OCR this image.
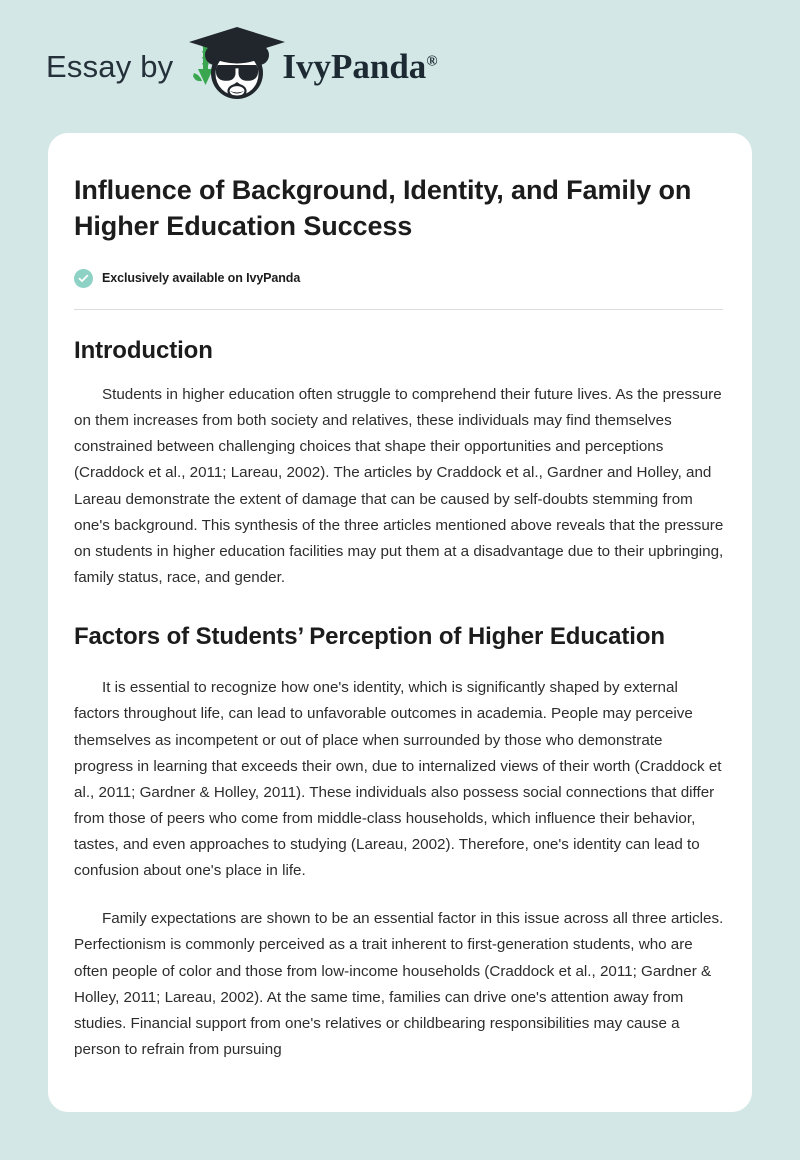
Essay by	IvyPanda®
Influence of Background, Identity, and Family on Higher Education Success
Exclusively available on IvyPanda
Introduction

Students in higher education often struggle to comprehend their future lives. As the pressure on them increases from both society and relatives, these individuals may find themselves constrained between challenging choices that shape their opportunities and perceptions (Craddock et al., 2011; Lareau, 2002). The articles by Craddock et al., Gardner and Holley, and Lareau demonstrate the extent of damage that can be caused by self-doubts stemming from one's background. This synthesis of the three articles mentioned above reveals that the pressure on students in higher education facilities may put them at a disadvantage due to their upbringing, family status, race, and gender.

Factors of Students’ Perception of Higher Education

It is essential to recognize how one's identity, which is significantly shaped by external factors throughout life, can lead to unfavorable outcomes in academia. People may perceive themselves as incompetent or out of place when surrounded by those who demonstrate progress in learning that exceeds their own, due to internalized views of their worth (Craddock et al., 2011; Gardner & Holley, 2011). These individuals also possess social connections that differ from those of peers who come from middle-class households, which influence their behavior, tastes, and even approaches to studying (Lareau, 2002). Therefore, one's identity can lead to confusion about one's place in life.

Family expectations are shown to be an essential factor in this issue across all three articles. Perfectionism is commonly perceived as a trait inherent to first-generation students, who are often people of color and those from low-income households (Craddock et al., 2011; Gardner & Holley, 2011; Lareau, 2002). At the same time, families can drive one's attention away from studies. Financial support from one's relatives or childbearing responsibilities may cause a person to refrain from pursuing
